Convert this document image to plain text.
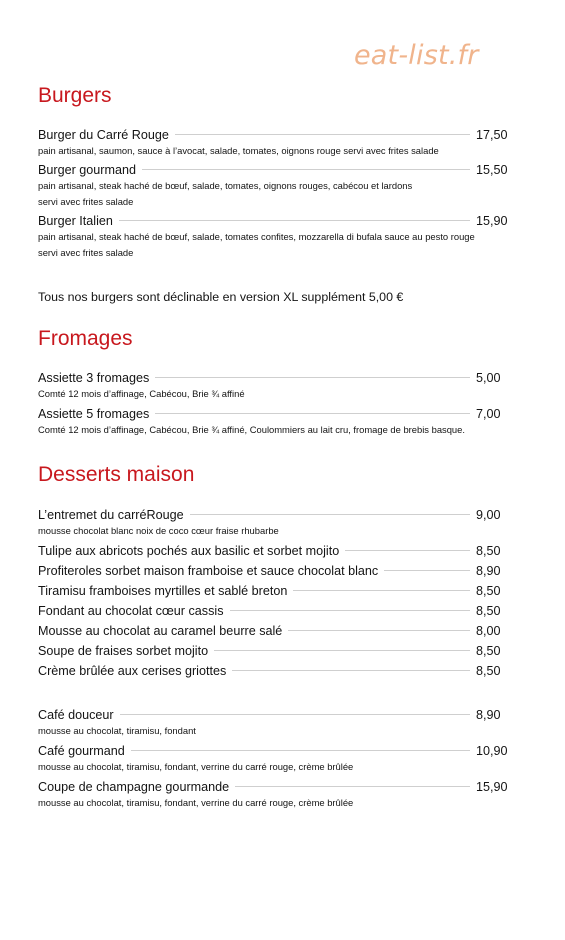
eat-list.fr
Burgers
Burger du Carré Rouge	17,50
pain artisanal, saumon, sauce à l’avocat, salade, tomates, oignons rouge servi avec frites salade
Burger gourmand	15,50
pain artisanal, steak haché de bœuf, salade, tomates, oignons rouges, cabécou et lardons
servi avec frites salade
Burger Italien	15,90
pain artisanal, steak haché de bœuf, salade, tomates confites, mozzarella di bufala sauce au pesto rouge
servi avec frites salade
Tous nos burgers sont déclinable en version XL supplément 5,00 €
Fromages
Assiette 3 fromages	5,00
Comté 12 mois d’affinage, Cabécou, Brie ¾ affiné
Assiette 5 fromages	7,00
Comté 12 mois d’affinage, Cabécou, Brie ¾ affiné, Coulommiers au lait cru, fromage de brebis basque.
Desserts maison
L’entremet du carréRouge	9,00
mousse chocolat blanc noix de coco cœur fraise rhubarbe
Tulipe aux abricots pochés aux basilic et sorbet mojito	8,50
Profiteroles sorbet maison framboise et sauce chocolat blanc	8,90
Tiramisu framboises myrtilles et sablé breton	8,50
Fondant au chocolat cœur cassis	8,50
Mousse au chocolat au caramel beurre salé	8,00
Soupe de fraises sorbet mojito	8,50
Crème brûlée aux cerises griottes	8,50
Café douceur	8,90
mousse au chocolat, tiramisu, fondant
Café gourmand	10,90
mousse au chocolat, tiramisu, fondant, verrine du carré rouge, crème brûlée
Coupe de champagne gourmande	15,90
mousse au chocolat, tiramisu, fondant, verrine du carré rouge, crème brûlée
